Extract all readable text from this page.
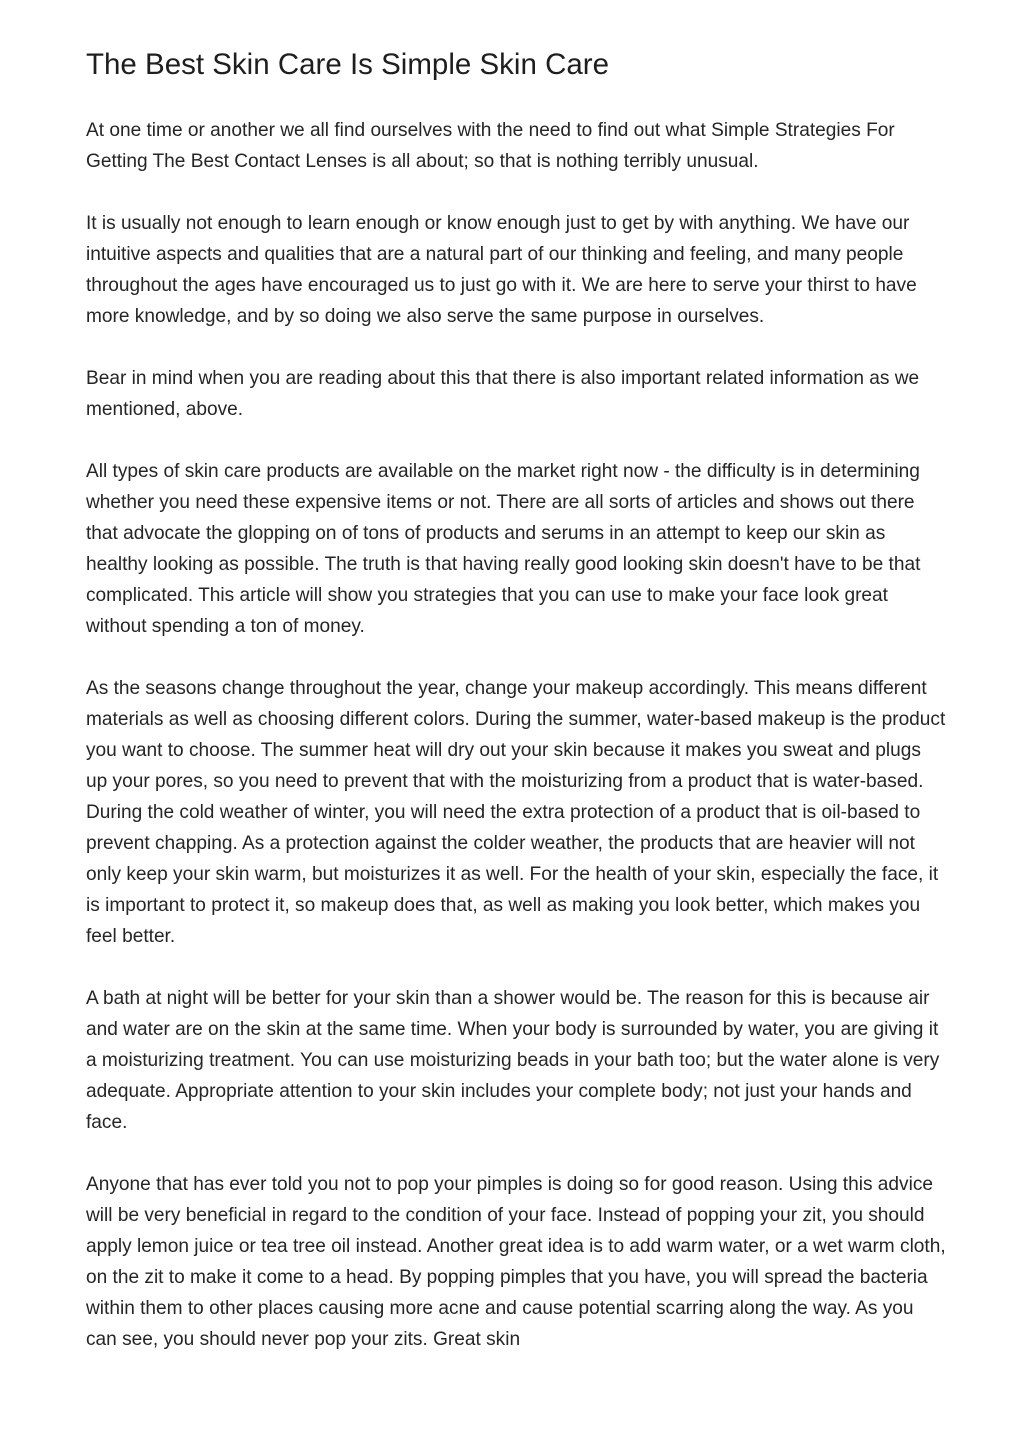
The Best Skin Care Is Simple Skin Care

At one time or another we all find ourselves with the need to find out what Simple Strategies For Getting The Best Contact Lenses is all about; so that is nothing terribly unusual.

It is usually not enough to learn enough or know enough just to get by with anything. We have our intuitive aspects and qualities that are a natural part of our thinking and feeling, and many people throughout the ages have encouraged us to just go with it. We are here to serve your thirst to have more knowledge, and by so doing we also serve the same purpose in ourselves.

Bear in mind when you are reading about this that there is also important related information as we mentioned, above.

All types of skin care products are available on the market right now - the difficulty is in determining whether you need these expensive items or not. There are all sorts of articles and shows out there that advocate the glopping on of tons of products and serums in an attempt to keep our skin as healthy looking as possible. The truth is that having really good looking skin doesn't have to be that complicated. This article will show you strategies that you can use to make your face look great without spending a ton of money.

As the seasons change throughout the year, change your makeup accordingly. This means different materials as well as choosing different colors. During the summer, water-based makeup is the product you want to choose. The summer heat will dry out your skin because it makes you sweat and plugs up your pores, so you need to prevent that with the moisturizing from a product that is water-based. During the cold weather of winter, you will need the extra protection of a product that is oil-based to prevent chapping. As a protection against the colder weather, the products that are heavier will not only keep your skin warm, but moisturizes it as well. For the health of your skin, especially the face, it is important to protect it, so makeup does that, as well as making you look better, which makes you feel better.

A bath at night will be better for your skin than a shower would be. The reason for this is because air and water are on the skin at the same time. When your body is surrounded by water, you are giving it a moisturizing treatment. You can use moisturizing beads in your bath too; but the water alone is very adequate. Appropriate attention to your skin includes your complete body; not just your hands and face.

Anyone that has ever told you not to pop your pimples is doing so for good reason. Using this advice will be very beneficial in regard to the condition of your face. Instead of popping your zit, you should apply lemon juice or tea tree oil instead. Another great idea is to add warm water, or a wet warm cloth, on the zit to make it come to a head. By popping pimples that you have, you will spread the bacteria within them to other places causing more acne and cause potential scarring along the way. As you can see, you should never pop your zits. Great skin
